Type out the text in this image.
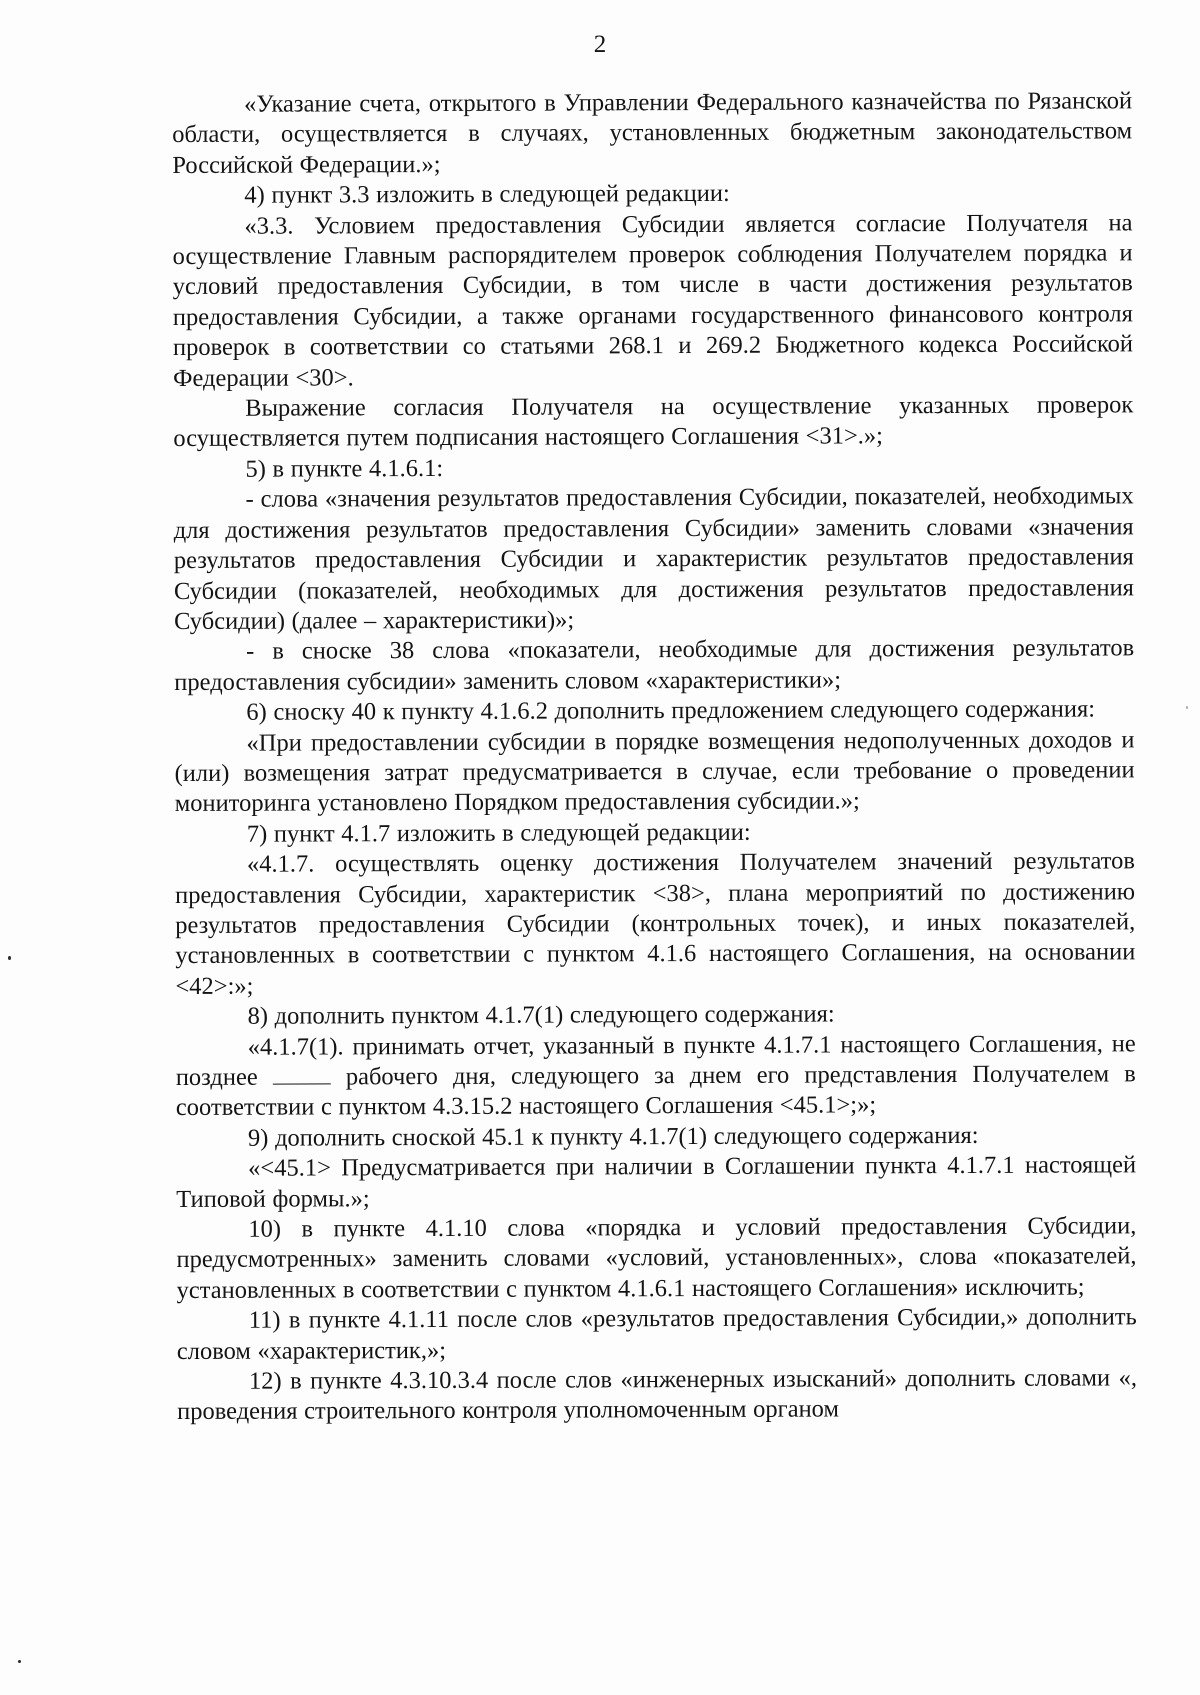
2

«Указание счета, открытого в Управлении Федерального казначейства по Рязанской области, осуществляется в случаях, установленных бюджетным законодательством Российской Федерации.»;

4) пункт 3.3 изложить в следующей редакции:

«3.3. Условием предоставления Субсидии является согласие Получателя на осуществление Главным распорядителем проверок соблюдения Получателем порядка и условий предоставления Субсидии, в том числе в части достижения результатов предоставления Субсидии, а также органами государственного финансового контроля проверок в соответствии со статьями 268.1 и 269.2 Бюджетного кодекса Российской Федерации <30>.

Выражение согласия Получателя на осуществление указанных проверок осуществляется путем подписания настоящего Соглашения <31>.»;

5) в пункте 4.1.6.1:

- слова «значения результатов предоставления Субсидии, показателей, необходимых для достижения результатов предоставления Субсидии» заменить словами «значения результатов предоставления Субсидии и характеристик результатов предоставления Субсидии (показателей, необходимых для достижения результатов предоставления Субсидии) (далее – характеристики)»;

- в сноске 38 слова «показатели, необходимые для достижения результатов предоставления субсидии» заменить словом «характеристики»;

6) сноску 40 к пункту 4.1.6.2 дополнить предложением следующего содержания:

«При предоставлении субсидии в порядке возмещения недополученных доходов и (или) возмещения затрат предусматривается в случае, если требование о проведении мониторинга установлено Порядком предоставления субсидии.»;

7) пункт 4.1.7 изложить в следующей редакции:

«4.1.7. осуществлять оценку достижения Получателем значений результатов предоставления Субсидии, характеристик <38>, плана мероприятий по достижению результатов предоставления Субсидии (контрольных точек), и иных показателей, установленных в соответствии с пунктом 4.1.6 настоящего Соглашения, на основании <42>:»;

8) дополнить пунктом 4.1.7(1) следующего содержания:

«4.1.7(1). принимать отчет, указанный в пункте 4.1.7.1 настоящего Соглашения, не позднее	рабочего дня, следующего за днем его представления Получателем в соответствии с пунктом 4.3.15.2 настоящего Соглашения <45.1>;»;

9) дополнить сноской 45.1 к пункту 4.1.7(1) следующего содержания:

«<45.1> Предусматривается при наличии в Соглашении пункта 4.1.7.1 настоящей Типовой формы.»;

10) в пункте 4.1.10 слова «порядка и условий предоставления Субсидии, предусмотренных» заменить словами «условий, установленных», слова «показателей, установленных в соответствии с пунктом 4.1.6.1 настоящего Соглашения» исключить;

11) в пункте 4.1.11 после слов «результатов предоставления Субсидии,» дополнить словом «характеристик,»;

12) в пункте 4.3.10.3.4 после слов «инженерных изысканий» дополнить словами «, проведения строительного контроля уполномоченным органом
